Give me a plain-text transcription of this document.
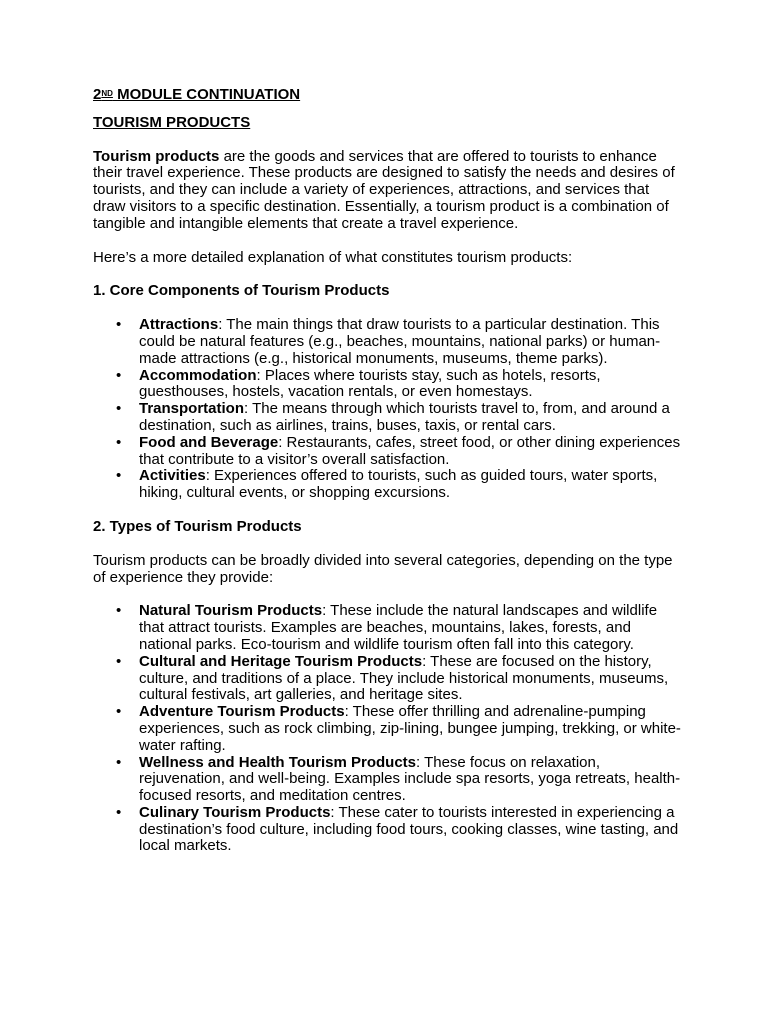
2ND MODULE CONTINUATION

TOURISM PRODUCTS

Tourism products are the goods and services that are offered to tourists to enhance their travel experience. These products are designed to satisfy the needs and desires of tourists, and they can include a variety of experiences, attractions, and services that draw visitors to a specific destination. Essentially, a tourism product is a combination of tangible and intangible elements that create a travel experience.

Here’s a more detailed explanation of what constitutes tourism products:

1. Core Components of Tourism Products

• Attractions: The main things that draw tourists to a particular destination. This could be natural features (e.g., beaches, mountains, national parks) or human-made attractions (e.g., historical monuments, museums, theme parks).
• Accommodation: Places where tourists stay, such as hotels, resorts, guesthouses, hostels, vacation rentals, or even homestays.
• Transportation: The means through which tourists travel to, from, and around a destination, such as airlines, trains, buses, taxis, or rental cars.
• Food and Beverage: Restaurants, cafes, street food, or other dining experiences that contribute to a visitor’s overall satisfaction.
• Activities: Experiences offered to tourists, such as guided tours, water sports, hiking, cultural events, or shopping excursions.

2. Types of Tourism Products

Tourism products can be broadly divided into several categories, depending on the type of experience they provide:

• Natural Tourism Products: These include the natural landscapes and wildlife that attract tourists. Examples are beaches, mountains, lakes, forests, and national parks. Eco-tourism and wildlife tourism often fall into this category.
• Cultural and Heritage Tourism Products: These are focused on the history, culture, and traditions of a place. They include historical monuments, museums, cultural festivals, art galleries, and heritage sites.
• Adventure Tourism Products: These offer thrilling and adrenaline-pumping experiences, such as rock climbing, zip-lining, bungee jumping, trekking, or white-water rafting.
• Wellness and Health Tourism Products: These focus on relaxation, rejuvenation, and well-being. Examples include spa resorts, yoga retreats, health-focused resorts, and meditation centres.
• Culinary Tourism Products: These cater to tourists interested in experiencing a destination’s food culture, including food tours, cooking classes, wine tasting, and local markets.
